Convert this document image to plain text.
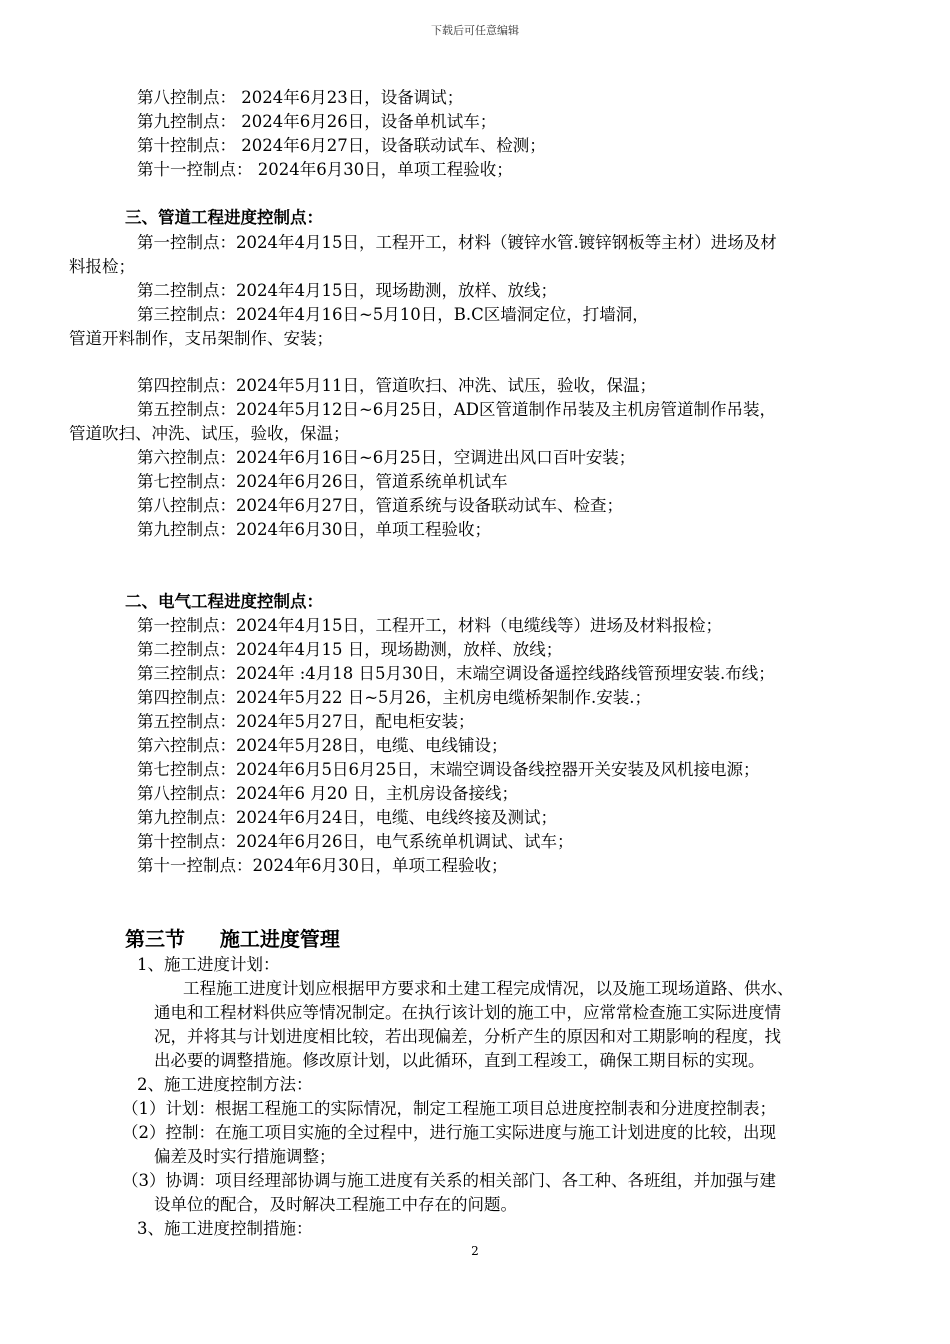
下载后可任意编辑
第八控制点： 2024年6月23日，设备调试；
第九控制点： 2024年6月26日，设备单机试车；
第十控制点： 2024年6月27日，设备联动试车、检测；
第十一控制点： 2024年6月30日，单项工程验收；
三、管道工程进度控制点：
第一控制点：2024年4月15日，工程开工，材料（镀锌水管.镀锌钢板等主材）进场及材
料报检；
第二控制点：2024年4月15日，现场勘测，放样、放线；
第三控制点：2024年4月16日~5月10日，B.C区墙洞定位，打墙洞，
管道开料制作，支吊架制作、安装；
第四控制点：2024年5月11日，管道吹扫、冲洗、试压，验收，保温；
第五控制点：2024年5月12日~6月25日，AD区管道制作吊装及主机房管道制作吊装，
管道吹扫、冲洗、试压，验收，保温；
第六控制点：2024年6月16日~6月25日，空调进出风口百叶安装；
第七控制点：2024年6月26日，管道系统单机试车
第八控制点：2024年6月27日，管道系统与设备联动试车、检查；
第九控制点：2024年6月30日，单项工程验收；
二、电气工程进度控制点：
第一控制点：2024年4月15日，工程开工，材料（电缆线等）进场及材料报检；
第二控制点：2024年4月15 日，现场勘测，放样、放线；
第三控制点：2024年 :4月18 日5月30日，末端空调设备遥控线路线管预埋安装.布线；
第四控制点：2024年5月22 日~5月26，主机房电缆桥架制作.安装.；
第五控制点：2024年5月27日，配电柜安装；
第六控制点：2024年5月28日，电缆、电线铺设；
第七控制点：2024年6月5日6月25日，末端空调设备线控器开关安装及风机接电源；
第八控制点：2024年6 月20 日，主机房设备接线；
第九控制点：2024年6月24日，电缆、电线终接及测试；
第十控制点：2024年6月26日，电气系统单机调试、试车；
第十一控制点：2024年6月30日，单项工程验收；
第三节     施工进度管理
1、施工进度计划：
工程施工进度计划应根据甲方要求和土建工程完成情况，以及施工现场道路、供水、
通电和工程材料供应等情况制定。在执行该计划的施工中，应常常检查施工实际进度情
况，并将其与计划进度相比较，若出现偏差，分析产生的原因和对工期影响的程度，找
出必要的调整措施。修改原计划，以此循环，直到工程竣工，确保工期目标的实现。
2、施工进度控制方法：
（1）计划：根据工程施工的实际情况，制定工程施工项目总进度控制表和分进度控制表；
（2）控制：在施工项目实施的全过程中，进行施工实际进度与施工计划进度的比较，出现
偏差及时实行措施调整；
（3）协调：项目经理部协调与施工进度有关系的相关部门、各工种、各班组，并加强与建
设单位的配合，及时解决工程施工中存在的问题。
3、施工进度控制措施：
2
